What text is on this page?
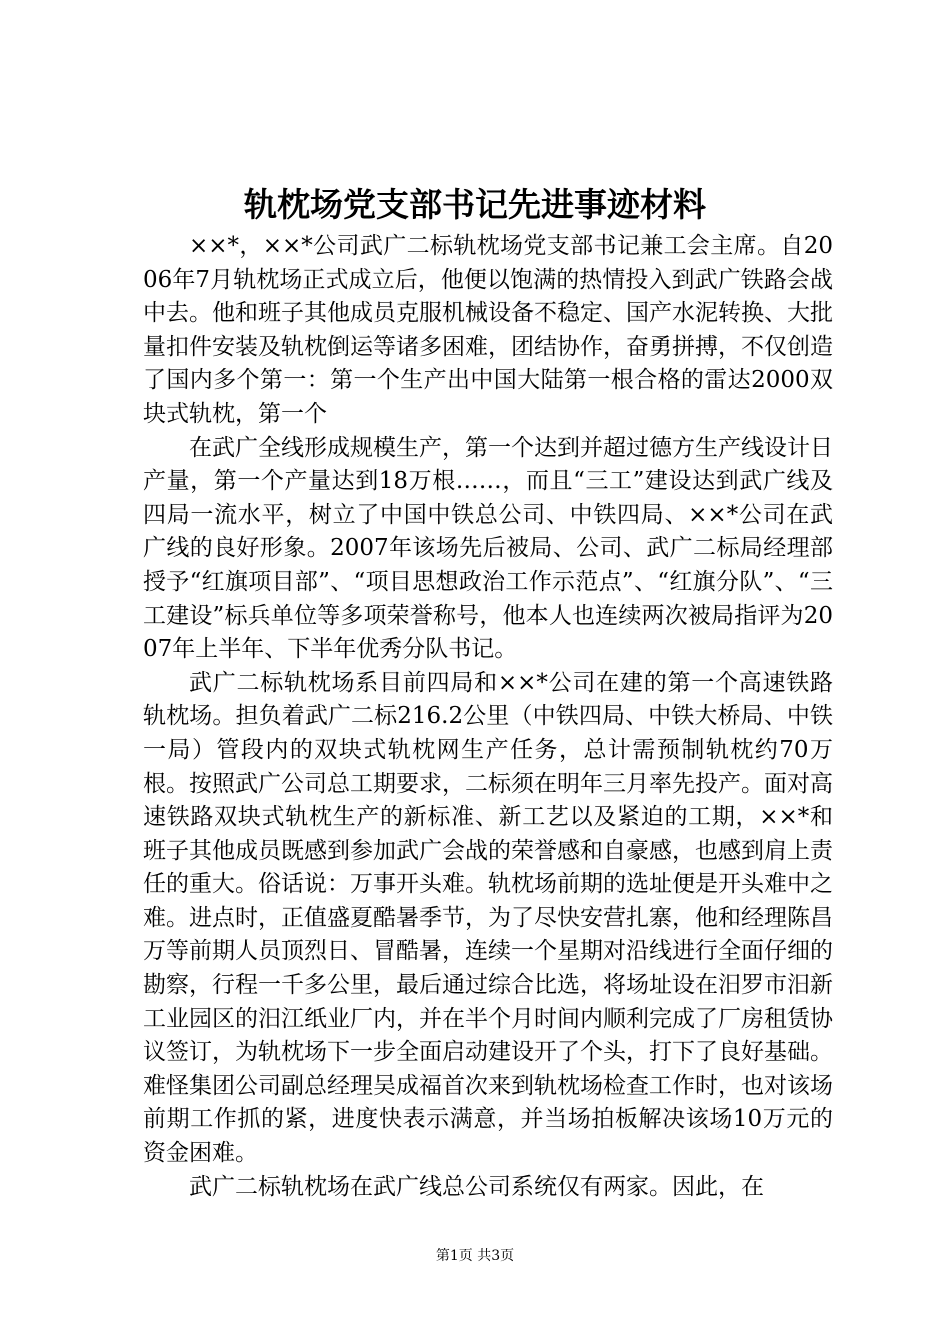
轨枕场党支部书记先进事迹材料

××*，××*公司武广二标轨枕场党支部书记兼工会主席。自2006年7月轨枕场正式成立后，他便以饱满的热情投入到武广铁路会战中去。他和班子其他成员克服机械设备不稳定、国产水泥转换、大批量扣件安装及轨枕倒运等诸多困难，团结协作，奋勇拼搏，不仅创造了国内多个第一：第一个生产出中国大陆第一根合格的雷达2000双块式轨枕，第一个

在武广全线形成规模生产，第一个达到并超过德方生产线设计日产量，第一个产量达到18万根……，而且“三工”建设达到武广线及四局一流水平，树立了中国中铁总公司、中铁四局、××*公司在武广线的良好形象。2007年该场先后被局、公司、武广二标局经理部授予“红旗项目部”、“项目思想政治工作示范点”、“红旗分队”、“三工建设”标兵单位等多项荣誉称号，他本人也连续两次被局指评为2007年上半年、下半年优秀分队书记。

武广二标轨枕场系目前四局和××*公司在建的第一个高速铁路轨枕场。担负着武广二标216.2公里（中铁四局、中铁大桥局、中铁一局）管段内的双块式轨枕网生产任务，总计需预制轨枕约70万根。按照武广公司总工期要求，二标须在明年三月率先投产。面对高速铁路双块式轨枕生产的新标准、新工艺以及紧迫的工期，××*和班子其他成员既感到参加武广会战的荣誉感和自豪感，也感到肩上责任的重大。俗话说：万事开头难。轨枕场前期的选址便是开头难中之难。进点时，正值盛夏酷暑季节，为了尽快安营扎寨，他和经理陈昌万等前期人员顶烈日、冒酷暑，连续一个星期对沿线进行全面仔细的勘察，行程一千多公里，最后通过综合比选，将场址设在汨罗市汨新工业园区的汨江纸业厂内，并在半个月时间内顺利完成了厂房租赁协议签订，为轨枕场下一步全面启动建设开了个头，打下了良好基础。难怪集团公司副总经理吴成福首次来到轨枕场检查工作时，也对该场前期工作抓的紧，进度快表示满意，并当场拍板解决该场10万元的资金困难。

武广二标轨枕场在武广线总公司系统仅有两家。因此，在

第1页 共3页
